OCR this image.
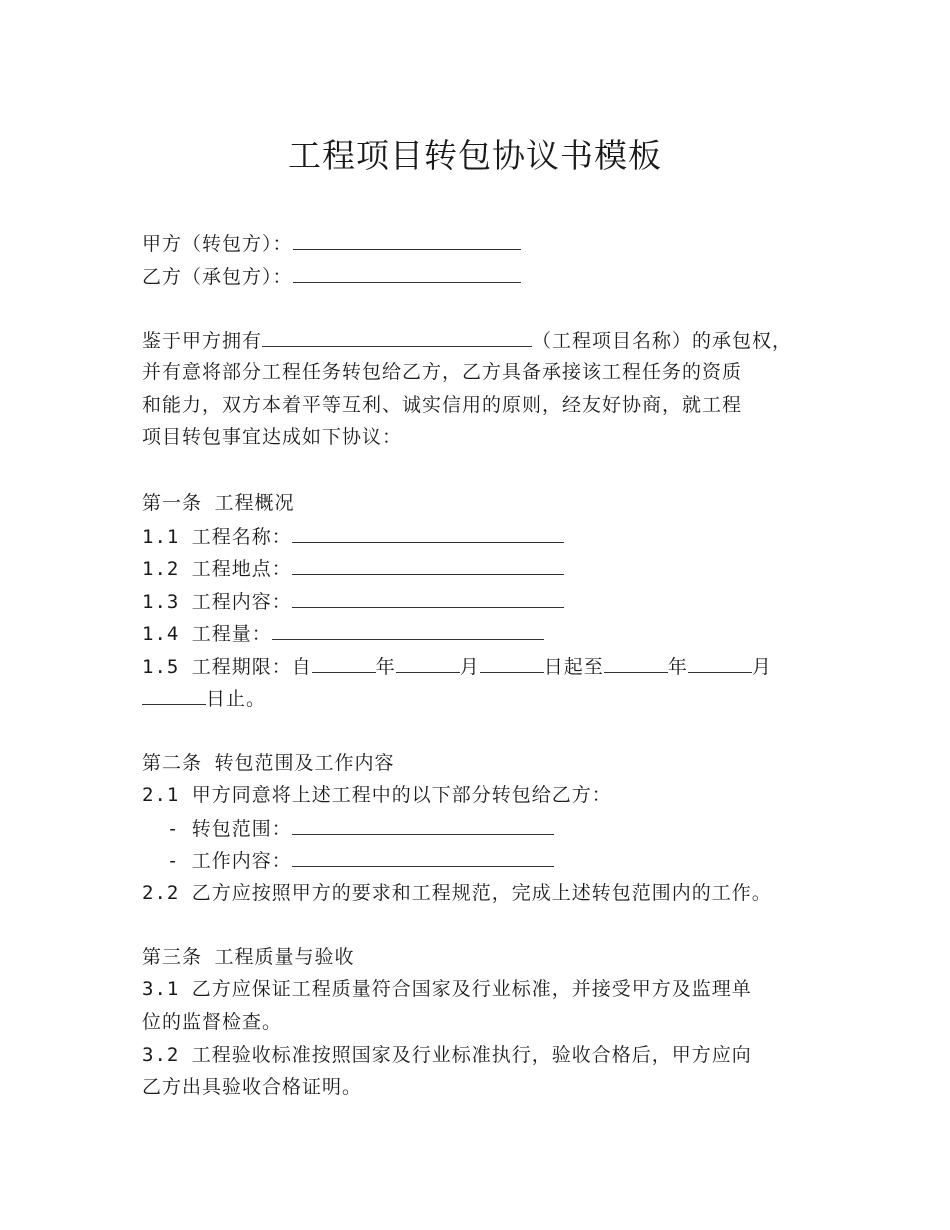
工程项目转包协议书模板
甲方（转包方）：
乙方（承包方）：
鉴于甲方拥有	（工程项目名称）的承包权，
并有意将部分工程任务转包给乙方，乙方具备承接该工程任务的资质
和能力，双方本着平等互利、诚实信用的原则，经友好协商，就工程
项目转包事宜达成如下协议：
第一条 工程概况
1.1 工程名称：
1.2 工程地点：
1.3 工程内容：
1.4 工程量：
1.5 工程期限：自	年	月	日起至	年	月
日止。
第二条 转包范围及工作内容
2.1 甲方同意将上述工程中的以下部分转包给乙方：
- 转包范围：
- 工作内容：
2.2 乙方应按照甲方的要求和工程规范，完成上述转包范围内的工作。
第三条 工程质量与验收
3.1 乙方应保证工程质量符合国家及行业标准，并接受甲方及监理单
位的监督检查。
3.2 工程验收标准按照国家及行业标准执行，验收合格后，甲方应向
乙方出具验收合格证明。
